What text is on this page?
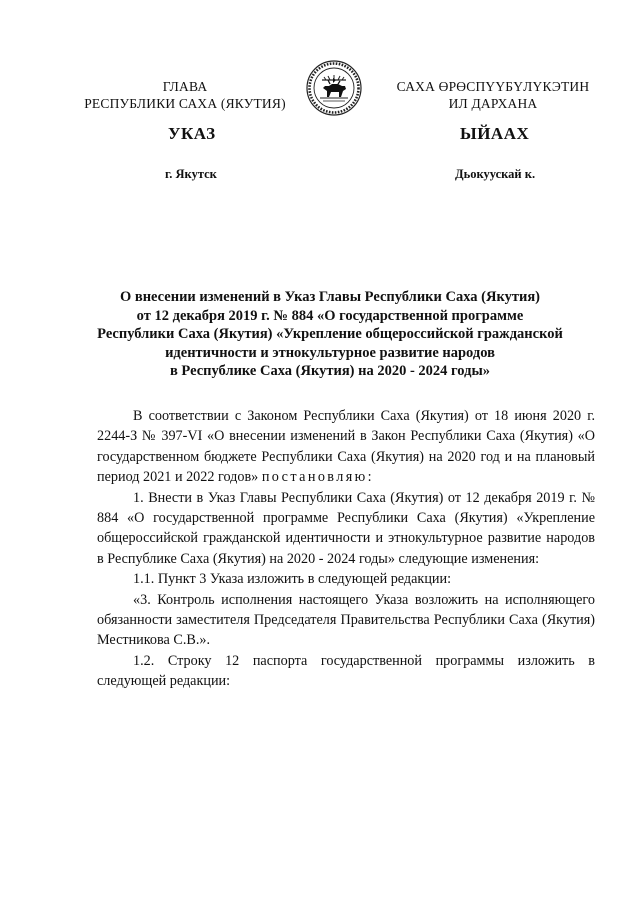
ГЛАВА
РЕСПУБЛИКИ САХА (ЯКУТИЯ)
САХА ӨРӨСПҮҮБҮЛҮКЭТИН
ИЛ ДАРХАНА
УКАЗ	ЫЙААХ
г. Якутск	Дьокуускай к.
О внесении изменений в Указ Главы Республики Саха (Якутия)
от 12 декабря 2019 г. № 884 «О государственной программе
Республики Саха (Якутия) «Укрепление общероссийской гражданской
идентичности и этнокультурное развитие народов
в Республике Саха (Якутия) на 2020 - 2024 годы»

В соответствии с Законом Республики Саха (Якутия) от 18 июня 2020 г. 2244-З № 397-VI «О внесении изменений в Закон Республики Саха (Якутия) «О государственном бюджете Республики Саха (Якутия) на 2020 год и на плановый период 2021 и 2022 годов» постановляю:

1. Внести в Указ Главы Республики Саха (Якутия) от 12 декабря 2019 г. № 884 «О государственной программе Республики Саха (Якутия) «Укрепление общероссийской гражданской идентичности и этнокультурное развитие народов в Республике Саха (Якутия) на 2020 - 2024 годы» следующие изменения:

1.1. Пункт 3 Указа изложить в следующей редакции:

«3. Контроль исполнения настоящего Указа возложить на исполняющего обязанности заместителя Председателя Правительства Республики Саха (Якутия) Местникова С.В.».

1.2. Строку 12 паспорта государственной программы изложить в следующей редакции:
